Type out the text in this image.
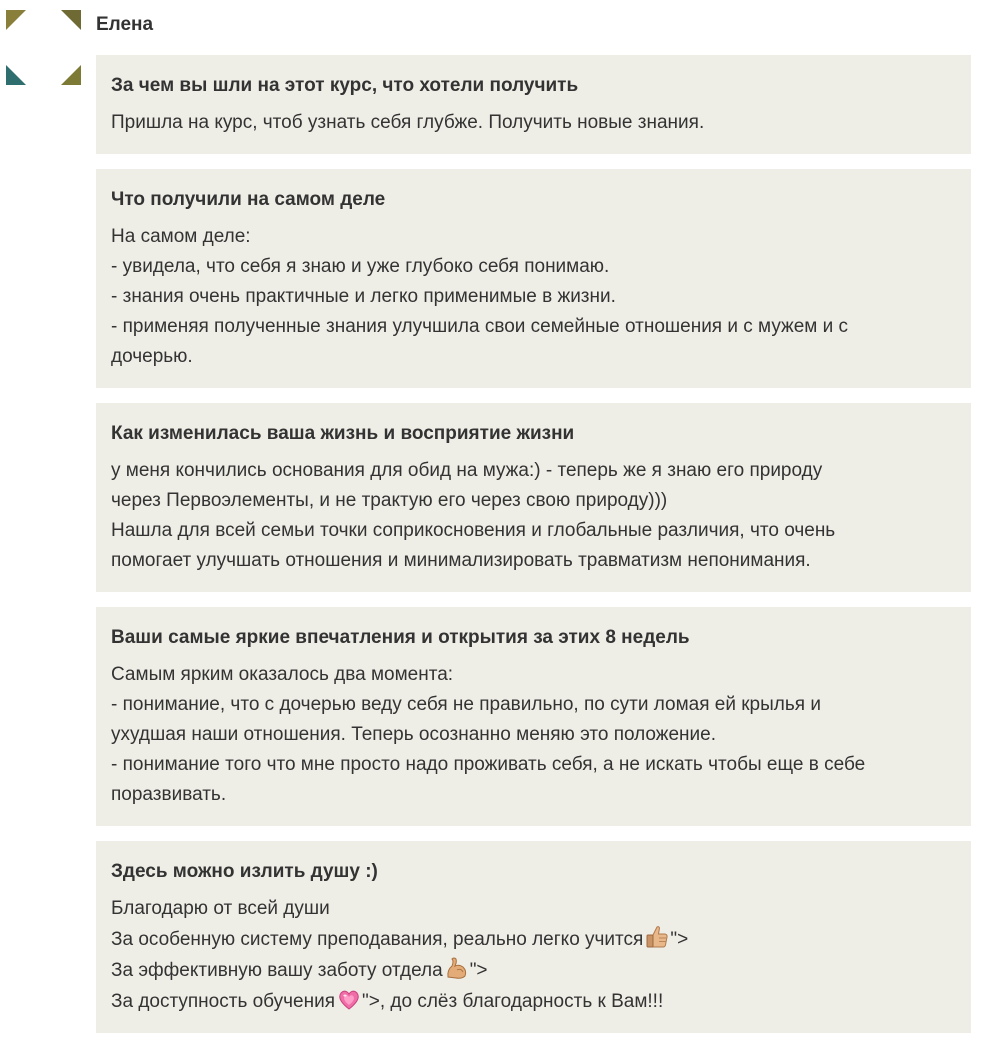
Елена
За чем вы шли на этот курс, что хотели получить
Пришла на курс, чтоб узнать себя глубже. Получить новые знания.
Что получили на самом деле
На самом деле:
- увидела, что себя я знаю и уже глубоко себя понимаю.
- знания очень практичные и легко применимые в жизни.
- применяя полученные знания улучшила свои семейные отношения и с мужем и с
дочерью.
Как изменилась ваша жизнь и восприятие жизни
у меня кончились основания для обид на мужа:) - теперь же я знаю его природу
через Первоэлементы, и не трактую его через свою природу)))
Нашла для всей семьи точки соприкосновения и глобальные различия, что очень
помогает улучшать отношения и минимализировать травматизм непонимания.
Ваши самые яркие впечатления и открытия за этих 8 недель
Самым ярким оказалось два момента:
- понимание, что с дочерью веду себя не правильно, по сути ломая ей крылья и
ухудшая наши отношения. Теперь осознанно меняю это положение.
- понимание того что мне просто надо проживать себя, а не искать чтобы еще в себе
поразвивать.
Здесь можно излить душу :)
Благодарю от всей души
За особенную систему преподавания, реально легко учится ">
За эффективную вашу заботу отдела ">
За доступность обучения ">, до слёз благодарность к Вам!!!
